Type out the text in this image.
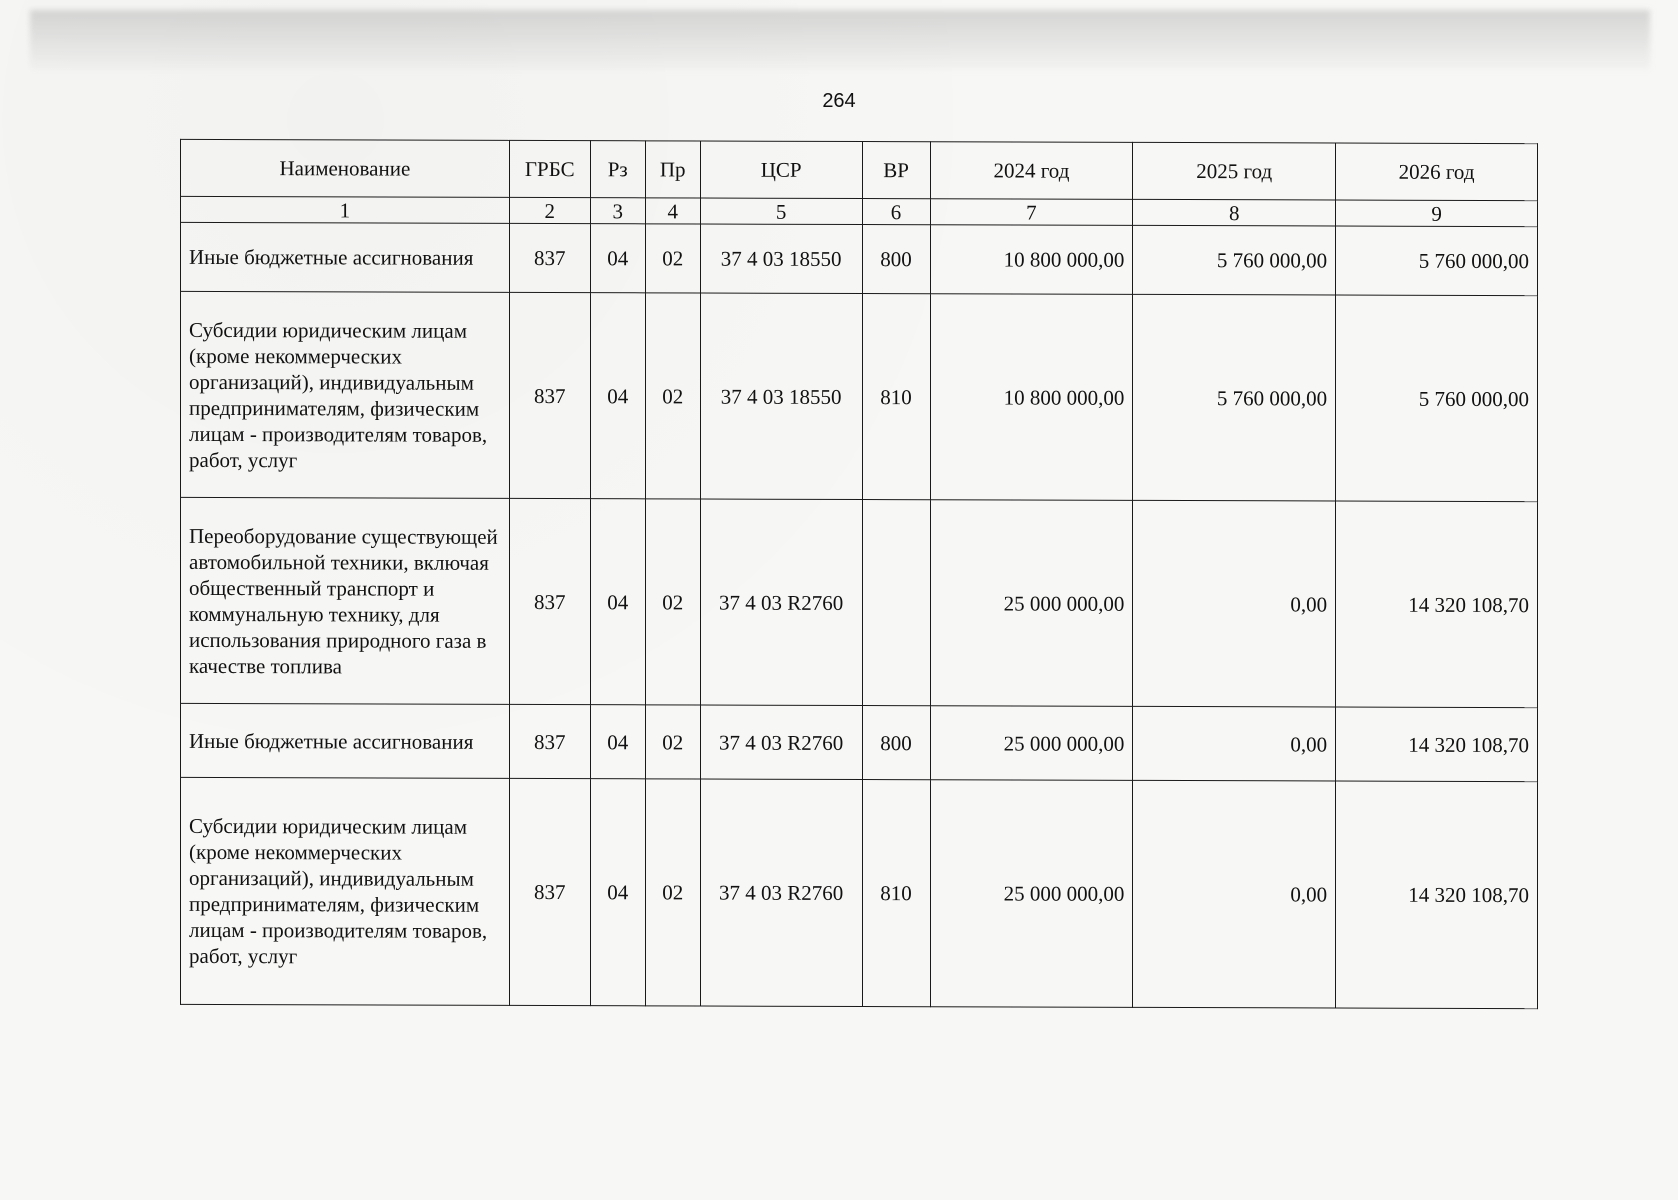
264
Наименование	ГРБС	Рз	Пр	ЦСР	ВР	2024 год	2025 год	2026 год
1	2	3	4	5	6	7	8	9
Иные бюджетные ассигнования	837	04	02	37 4 03 18550	800	10 800 000,00	5 760 000,00	5 760 000,00
Субсидии юридическим лицам (кроме некоммерческих организаций), индивидуальным предпринимателям, физическим лицам - производителям товаров, работ, услуг	837	04	02	37 4 03 18550	810	10 800 000,00	5 760 000,00	5 760 000,00
Переоборудование существующей автомобильной техники, включая общественный транспорт и коммунальную технику, для использования природного газа в качестве топлива	837	04	02	37 4 03 R2760		25 000 000,00	0,00	14 320 108,70
Иные бюджетные ассигнования	837	04	02	37 4 03 R2760	800	25 000 000,00	0,00	14 320 108,70
Субсидии юридическим лицам (кроме некоммерческих организаций), индивидуальным предпринимателям, физическим лицам - производителям товаров, работ, услуг	837	04	02	37 4 03 R2760	810	25 000 000,00	0,00	14 320 108,70
